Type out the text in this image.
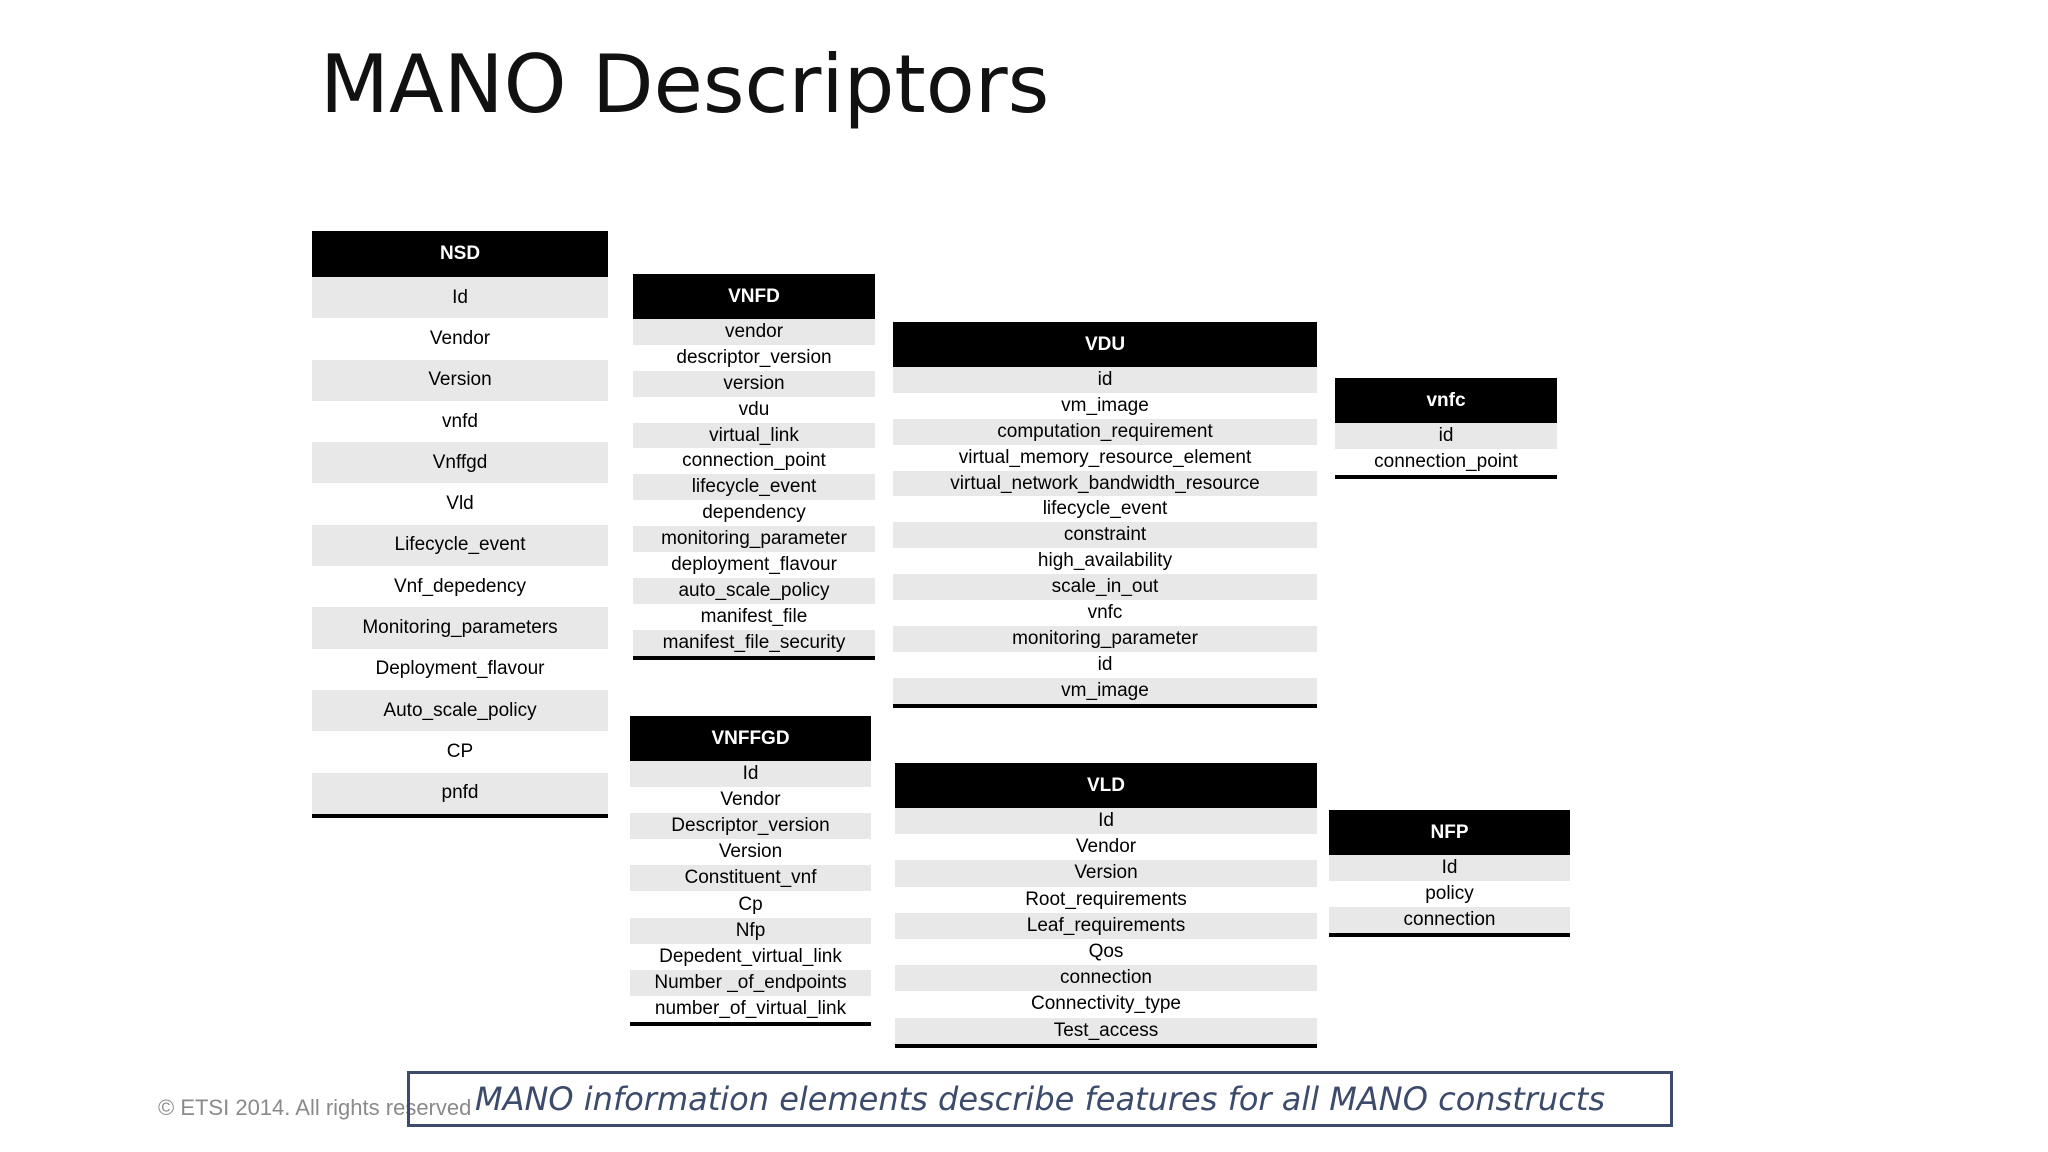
MANO Descriptors
NSD
Id
Vendor
Version
vnfd
Vnffgd
Vld
Lifecycle_event
Vnf_depedency
Monitoring_parameters
Deployment_flavour
Auto_scale_policy
CP
pnfd
VNFD
vendor
descriptor_version
version
vdu
virtual_link
connection_point
lifecycle_event
dependency
monitoring_parameter
deployment_flavour
auto_scale_policy
manifest_file
manifest_file_security
VDU
id
vm_image
computation_requirement
virtual_memory_resource_element
virtual_network_bandwidth_resource
lifecycle_event
constraint
high_availability
scale_in_out
vnfc
monitoring_parameter
id
vm_image
vnfc
id
connection_point
VNFFGD
Id
Vendor
Descriptor_version
Version
Constituent_vnf
Cp
Nfp
Depedent_virtual_link
Number _of_endpoints
number_of_virtual_link
VLD
Id
Vendor
Version
Root_requirements
Leaf_requirements
Qos
connection
Connectivity_type
Test_access
NFP
Id
policy
connection
© ETSI 2014. All rights reserved MANO information elements describe features for all MANO constructs
